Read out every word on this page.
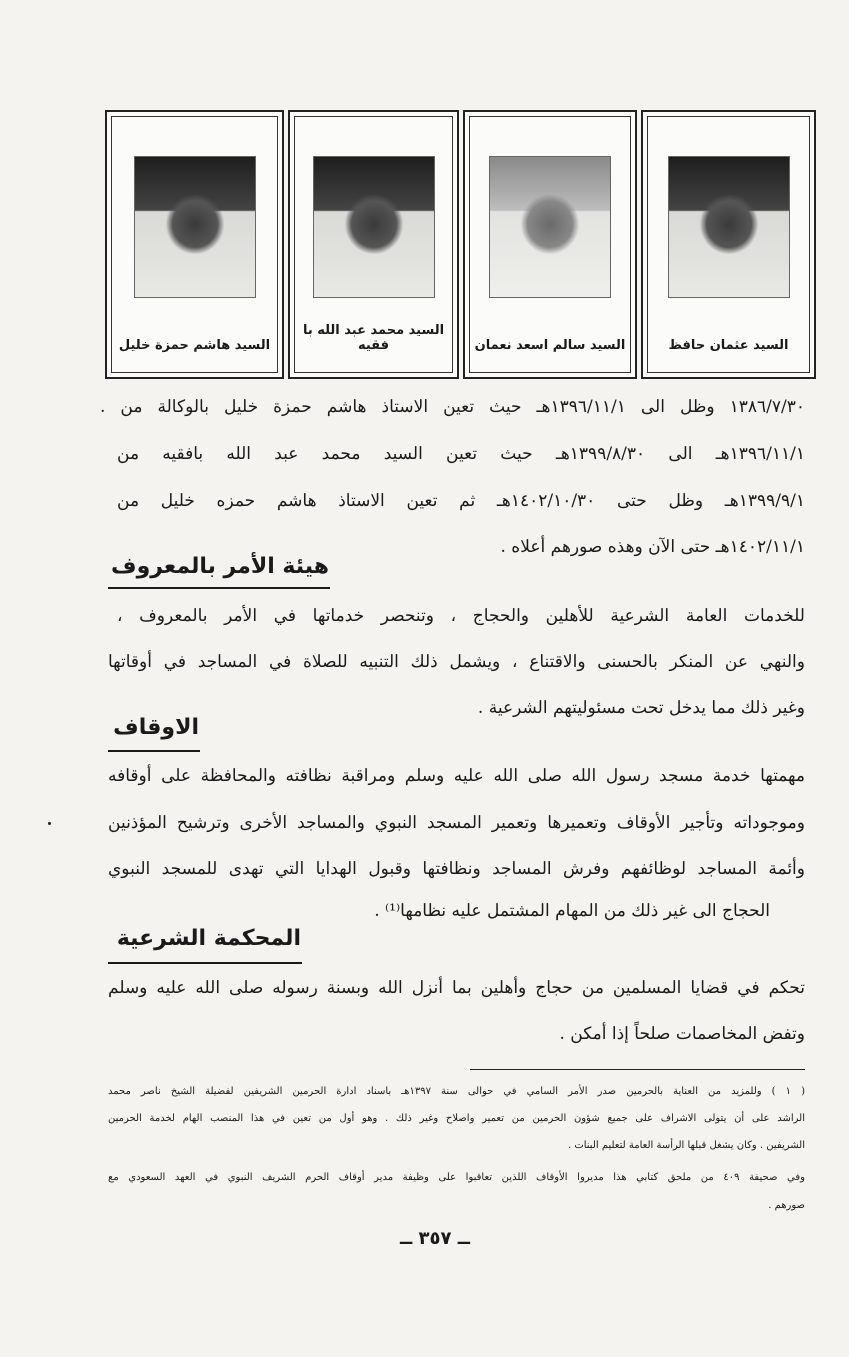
السيد عثمان حافظ
السيد سالم اسعد نعمان
السيد محمد عبد الله با فقيه
السيد هاشم حمزة خليل
١٣٨٦/٧/٣٠ وظل الى ١٣٩٦/١١/١هـ حيث تعين الاستاذ هاشم حمزة خليل بالوكالة من .
١٣٩٦/١١/١هـ الى ١٣٩٩/٨/٣٠هـ حيث تعين السيد محمد عبد الله بافقيه من
١٣٩٩/٩/١هـ وظل حتى ١٤٠٢/١٠/٣٠هـ ثم تعين الاستاذ هاشم حمزه خليل من
١٤٠٢/١١/١هـ حتى الآن وهذه صورهم أعلاه .
هيئة الأمر بالمعروف
للخدمات العامة الشرعية للأهلين والحجاج ، وتنحصر خدماتها في الأمر بالمعروف ،
والنهي عن المنكر بالحسنى والاقتناع ، ويشمل ذلك التنبيه للصلاة في المساجد في أوقاتها
وغير ذلك مما يدخل تحت مسئوليتهم الشرعية .
الاوقاف
مهمتها خدمة مسجد رسول الله صلى الله عليه وسلم ومراقبة نظافته والمحافظة على أوقافه
وموجوداته وتأجير الأوقاف وتعميرها وتعمير المسجد النبوي والمساجد الأخرى وترشيح المؤذنين
وأئمة المساجد لوظائفهم وفرش المساجد ونظافتها وقبول الهدايا التي تهدى للمسجد النبوي
الحجاج الى غير ذلك من المهام المشتمل عليه نظامها⁽¹⁾ .
المحكمة الشرعية
تحكم في قضايا المسلمين من حجاج وأهلين بما أنزل الله وبسنة رسوله صلى الله عليه وسلم
وتفض المخاصمات صلحاً إذا أمكن .
( ١ ) وللمزيد من العناية بالحرمين صدر الأمر السامي في حوالى سنة ١٣٩٧هـ باسناد ادارة الحرمين الشريفين لفضيلة الشيخ ناصر محمد
الراشد على أن يتولى الاشراف على جميع شؤون الحرمين من تعمير واصلاح وغير ذلك . وهو أول من تعين في هذا المنصب الهام لخدمة الحرمين
الشريفين . وكان يشغل قبلها الرأسة العامة لتعليم البنات .
وفي صحيفة ٤٠٩ من ملحق كتابي هذا مديروا الأوقاف اللذين تعاقبوا على وظيفة مدير أوقاف الحرم الشريف النبوي في العهد السعودي مع
صورهم .
ــ ٣٥٧ ــ
